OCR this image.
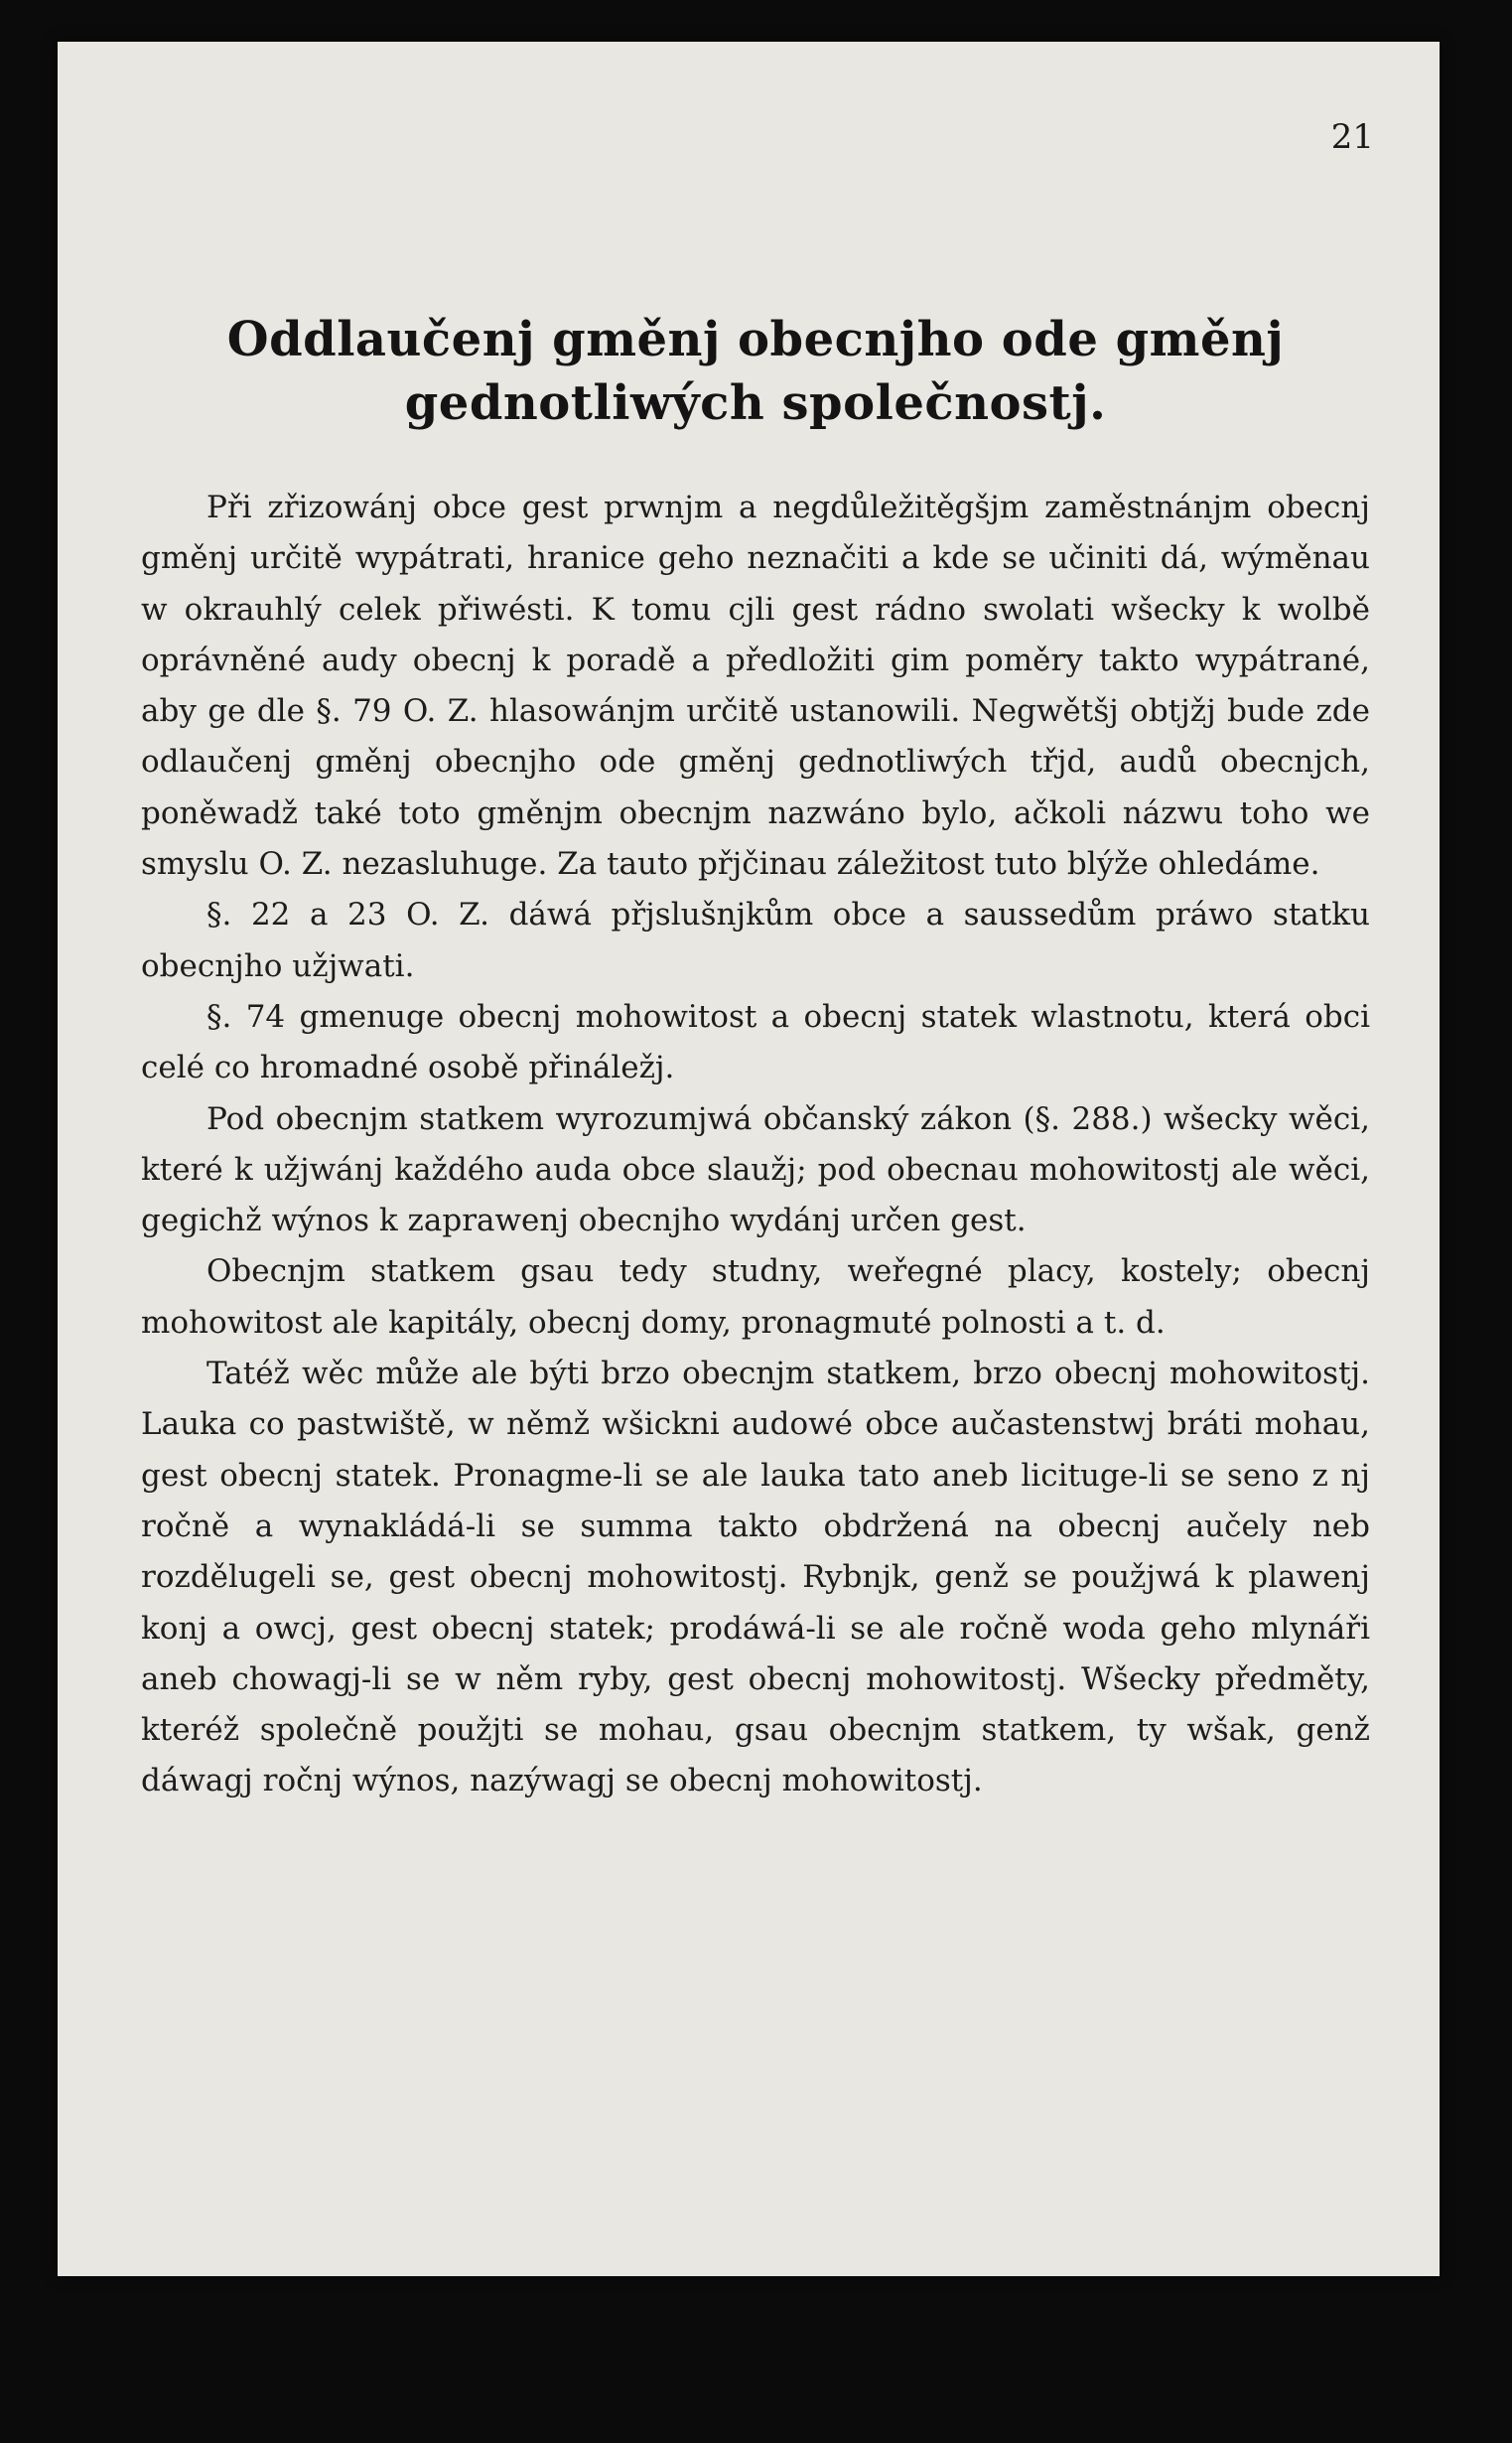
21
Oddlaučenj gměnj obecnjho ode gměnj gednotliwých společnostj.

Při zřizowánj obce gest prwnjm a negdůležitěgšjm zaměstnánjm obecnj gměnj určitě wypátrati, hranice geho neznačiti a kde se učiniti dá, wýměnau w okrauhlý celek přiwésti. K tomu cjli gest rádno swolati wšecky k wolbě oprávněné audy obecnj k poradě a předložiti gim poměry takto wypátrané, aby ge dle §. 79 O. Z. hlasowánjm určitě ustanowili. Negwětšj obtjžj bude zde odlaučenj gměnj obecnjho ode gměnj gednotliwých třjd, audů obecnjch, poněwadž také toto gměnjm obecnjm nazwáno bylo, ačkoli názwu toho we smyslu O. Z. nezasluhuge. Za tauto přjčinau záležitost tuto blýže ohledáme.

§. 22 a 23 O. Z. dáwá přjslušnjkům obce a saussedům práwo statku obecnjho užjwati.

§. 74 gmenuge obecnj mohowitost a obecnj statek wlastnotu, která obci celé co hromadné osobě přináležj.

Pod obecnjm statkem wyrozumjwá občanský zákon (§. 288.) wšecky wěci, které k užjwánj každého auda obce slaužj; pod obecnau mohowitostj ale wěci, gegichž wýnos k zaprawenj obecnjho wydánj určen gest.

Obecnjm statkem gsau tedy studny, weřegné placy, kostely; obecnj mohowitost ale kapitály, obecnj domy, pronagmuté polnosti a t. d.

Tatéž wěc může ale býti brzo obecnjm statkem, brzo obecnj mohowitostj. Lauka co pastwiště, w němž wšickni audowé obce aučastenstwj bráti mohau, gest obecnj statek. Pronagme-li se ale lauka tato aneb licituge-li se seno z nj ročně a wynakládá-li se summa takto obdržená na obecnj aučely neb rozdělugeli se, gest obecnj mohowitostj. Rybnjk, genž se použjwá k plawenj konj a owcj, gest obecnj statek; prodáwá-li se ale ročně woda geho mlynáři aneb chowagj-li se w něm ryby, gest obecnj mohowitostj. Wšecky předměty, kteréž společně použjti se mohau, gsau obecnjm statkem, ty wšak, genž dáwagj ročnj wýnos, nazýwagj se obecnj mohowitostj.
